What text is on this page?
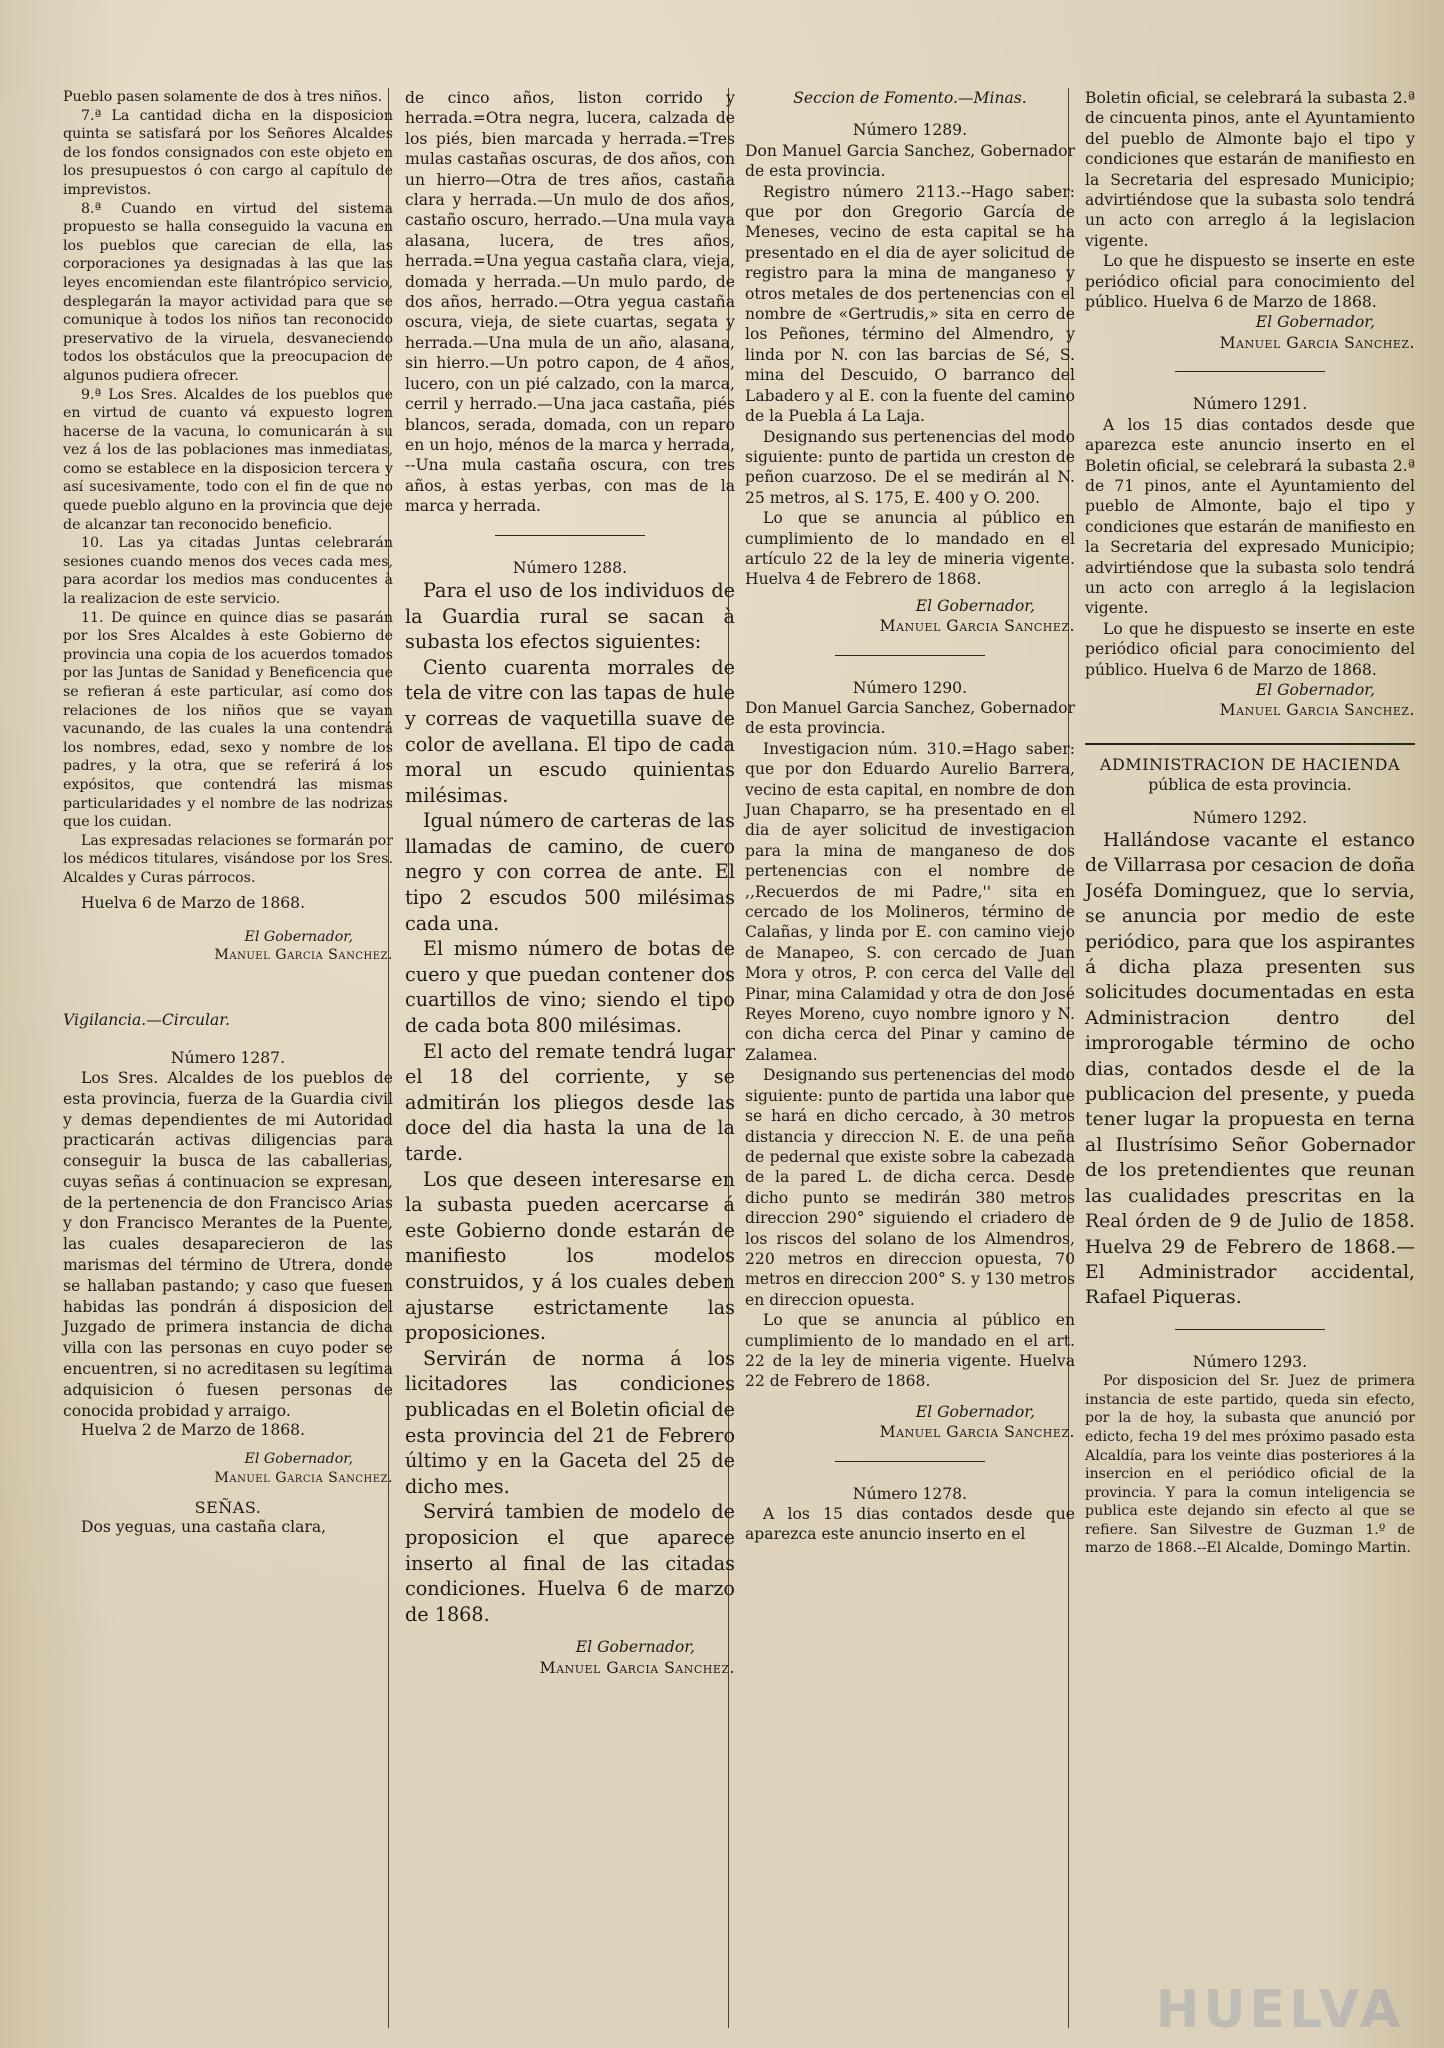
Pueblo pasen solamente de dos à tres niños.

7.ª La cantidad dicha en la disposicion quinta se satisfará por los Señores Alcaldes de los fondos consignados con este objeto en los presupuestos ó con cargo al capítulo de imprevistos.

8.ª Cuando en virtud del sistema propuesto se halla conseguido la vacuna en los pueblos que carecian de ella, las corporaciones ya designadas à las que las leyes encomiendan este filantrópico servicio, desplegarán la mayor actividad para que se comunique à todos los niños tan reconocido preservativo de la viruela, desvaneciendo todos los obstáculos que la preocupacion de algunos pudiera ofrecer.

9.ª Los Sres. Alcaldes de los pueblos que en virtud de cuanto vá expuesto logren hacerse de la vacuna, lo comunicarán à su vez á los de las poblaciones mas inmediatas, como se establece en la disposicion tercera y así sucesivamente, todo con el fin de que no quede pueblo alguno en la provincia que deje de alcanzar tan reconocido beneficio.

10. Las ya citadas Juntas celebrarán sesiones cuando menos dos veces cada mes, para acordar los medios mas conducentes à la realizacion de este servicio.

11. De quince en quince dias se pasarán por los Sres Alcaldes à este Gobierno de provincia una copia de los acuerdos tomados por las Juntas de Sanidad y Beneficencia que se refieran á este particular, así como dos relaciones de los niños que se vayan vacunando, de las cuales la una contendrá los nombres, edad, sexo y nombre de los padres, y la otra, que se referirá á los expósitos, que contendrá las mismas particularidades y el nombre de las nodrizas que los cuidan.

Las expresadas relaciones se formarán por los médicos titulares, visándose por los Sres. Alcaldes y Curas párrocos.

Huelva 6 de Marzo de 1868.

El Gobernador,

Manuel Garcia Sanchez.

Vigilancia.—Circular.

Número 1287.

Los Sres. Alcaldes de los pueblos de esta provincia, fuerza de la Guardia civil y demas dependientes de mi Autoridad practicarán activas diligencias para conseguir la busca de las caballerias, cuyas señas á continuacion se expresan, de la pertenencia de don Francisco Arias y don Francisco Merantes de la Puente, las cuales desaparecieron de las marismas del término de Utrera, donde se hallaban pastando; y caso que fuesen habidas las pondrán á disposicion del Juzgado de primera instancia de dicha villa con las personas en cuyo poder se encuentren, si no acreditasen su legítima adquisicion ó fuesen personas de conocida probidad y arraigo.

Huelva 2 de Marzo de 1868.

El Gobernador,

Manuel Garcia Sanchez.

SEÑAS.

Dos yeguas, una castaña clara,

de cinco años, liston corrido y herrada.=Otra negra, lucera, calzada de los piés, bien marcada y herrada.=Tres mulas castañas oscuras, de dos años, con un hierro—Otra de tres años, castaña clara y herrada.—Un mulo de dos años, castaño oscuro, herrado.—Una mula vaya alasana, lucera, de tres años, herrada.=Una yegua castaña clara, vieja, domada y herrada.—Un mulo pardo, de dos años, herrado.—Otra yegua castaña oscura, vieja, de siete cuartas, segata y herrada.—Una mula de un año, alasana, sin hierro.—Un potro capon, de 4 años, lucero, con un pié calzado, con la marca, cerril y herrado.—Una jaca castaña, piés blancos, serada, domada, con un reparo en un hojo, ménos de la marca y herrada, --Una mula castaña oscura, con tres años, à estas yerbas, con mas de la marca y herrada.

Número 1288.

Para el uso de los individuos de la Guardia rural se sacan à subasta los efectos siguientes:

Ciento cuarenta morrales de tela de vitre con las tapas de hule y correas de vaquetilla suave de color de avellana. El tipo de cada moral un escudo quinientas milésimas.

Igual número de carteras de las llamadas de camino, de cuero negro y con correa de ante. El tipo 2 escudos 500 milésimas cada una.

El mismo número de botas de cuero y que puedan contener dos cuartillos de vino; siendo el tipo de cada bota 800 milésimas.

El acto del remate tendrá lugar el 18 del corriente, y se admitirán los pliegos desde las doce del dia hasta la una de la tarde.

Los que deseen interesarse en la subasta pueden acercarse á este Gobierno donde estarán de manifiesto los modelos construidos, y á los cuales deben ajustarse estrictamente las proposiciones.

Servirán de norma á los licitadores las condiciones publicadas en el Boletin oficial de esta provincia del 21 de Febrero último y en la Gaceta del 25 de dicho mes.

Servirá tambien de modelo de proposicion el que aparece inserto al final de las citadas condiciones. Huelva 6 de marzo de 1868.

El Gobernador,

Manuel Garcia Sanchez.

Seccion de Fomento.—Minas.

Número 1289.

Don Manuel Garcia Sanchez, Gobernador de esta provincia.

Registro número 2113.--Hago saber: que por don Gregorio García de Meneses, vecino de esta capital se ha presentado en el dia de ayer solicitud de registro para la mina de manganeso y otros metales de dos pertenencias con el nombre de «Gertrudis,» sita en cerro de los Peñones, término del Almendro, y linda por N. con las barcias de Sé, S. mina del Descuido, O barranco del Labadero y al E. con la fuente del camino de la Puebla á La Laja.

Designando sus pertenencias del modo siguiente: punto de partida un creston de peñon cuarzoso. De el se medirán al N. 25 metros, al S. 175, E. 400 y O. 200.

Lo que se anuncia al público en cumplimiento de lo mandado en el artículo 22 de la ley de mineria vigente. Huelva 4 de Febrero de 1868.

El Gobernador,

Manuel Garcia Sanchez.

Número 1290.

Don Manuel Garcia Sanchez, Gobernador de esta provincia.

Investigacion núm. 310.=Hago saber: que por don Eduardo Aurelio Barrera, vecino de esta capital, en nombre de don Juan Chaparro, se ha presentado en el dia de ayer solicitud de investigacion para la mina de manganeso de dos pertenencias con el nombre de ,,Recuerdos de mi Padre,'' sita en cercado de los Molineros, término de Calañas, y linda por E. con camino viejo de Manapeo, S. con cercado de Juan Mora y otros, P. con cerca del Valle del Pinar, mina Calamidad y otra de don José Reyes Moreno, cuyo nombre ignoro y N. con dicha cerca del Pinar y camino de Zalamea.

Designando sus pertenencias del modo siguiente: punto de partida una labor que se hará en dicho cercado, à 30 metros distancia y direccion N. E. de una peña de pedernal que existe sobre la cabezada de la pared L. de dicha cerca. Desde dicho punto se medirán 380 metros direccion 290° siguiendo el criadero de los riscos del solano de los Almendros, 220 metros en direccion opuesta, 70 metros en direccion 200° S. y 130 metros en direccion opuesta.

Lo que se anuncia al público en cumplimiento de lo mandado en el art. 22 de la ley de mineria vigente. Huelva 22 de Febrero de 1868.

El Gobernador,

Manuel Garcia Sanchez.

Número 1278.

A los 15 dias contados desde que aparezca este anuncio inserto en el

Boletin oficial, se celebrará la subasta 2.ª de cincuenta pinos, ante el Ayuntamiento del pueblo de Almonte bajo el tipo y condiciones que estarán de manifiesto en la Secretaria del espresado Municipio; advirtiéndose que la subasta solo tendrá un acto con arreglo á la legislacion vigente.

Lo que he dispuesto se inserte en este periódico oficial para conocimiento del público. Huelva 6 de Marzo de 1868.

El Gobernador,

Manuel Garcia Sanchez.

Número 1291.

A los 15 dias contados desde que aparezca este anuncio inserto en el Boletin oficial, se celebrará la subasta 2.ª de 71 pinos, ante el Ayuntamiento del pueblo de Almonte, bajo el tipo y condiciones que estarán de manifiesto en la Secretaria del expresado Municipio; advirtiéndose que la subasta solo tendrá un acto con arreglo á la legislacion vigente.

Lo que he dispuesto se inserte en este periódico oficial para conocimiento del público. Huelva 6 de Marzo de 1868.

El Gobernador,

Manuel Garcia Sanchez.

ADMINISTRACION DE HACIENDA

pública de esta provincia.

Número 1292.

Hallándose vacante el estanco de Villarrasa por cesacion de doña Joséfa Dominguez, que lo servia, se anuncia por medio de este periódico, para que los aspirantes á dicha plaza presenten sus solicitudes documentadas en esta Administracion dentro del improrogable término de ocho dias, contados desde el de la publicacion del presente, y pueda tener lugar la propuesta en terna al Ilustrísimo Señor Gobernador de los pretendientes que reunan las cualidades prescritas en la Real órden de 9 de Julio de 1858. Huelva 29 de Febrero de 1868.—El Administrador accidental, Rafael Piqueras.

Número 1293.

Por disposicion del Sr. Juez de primera instancia de este partido, queda sin efecto, por la de hoy, la subasta que anunció por edicto, fecha 19 del mes próximo pasado esta Alcaldía, para los veinte dias posteriores á la insercion en el periódico oficial de la provincia. Y para la comun inteligencia se publica este dejando sin efecto al que se refiere. San Silvestre de Guzman 1.º de marzo de 1868.--El Alcalde, Domingo Martin.

HUELVA
